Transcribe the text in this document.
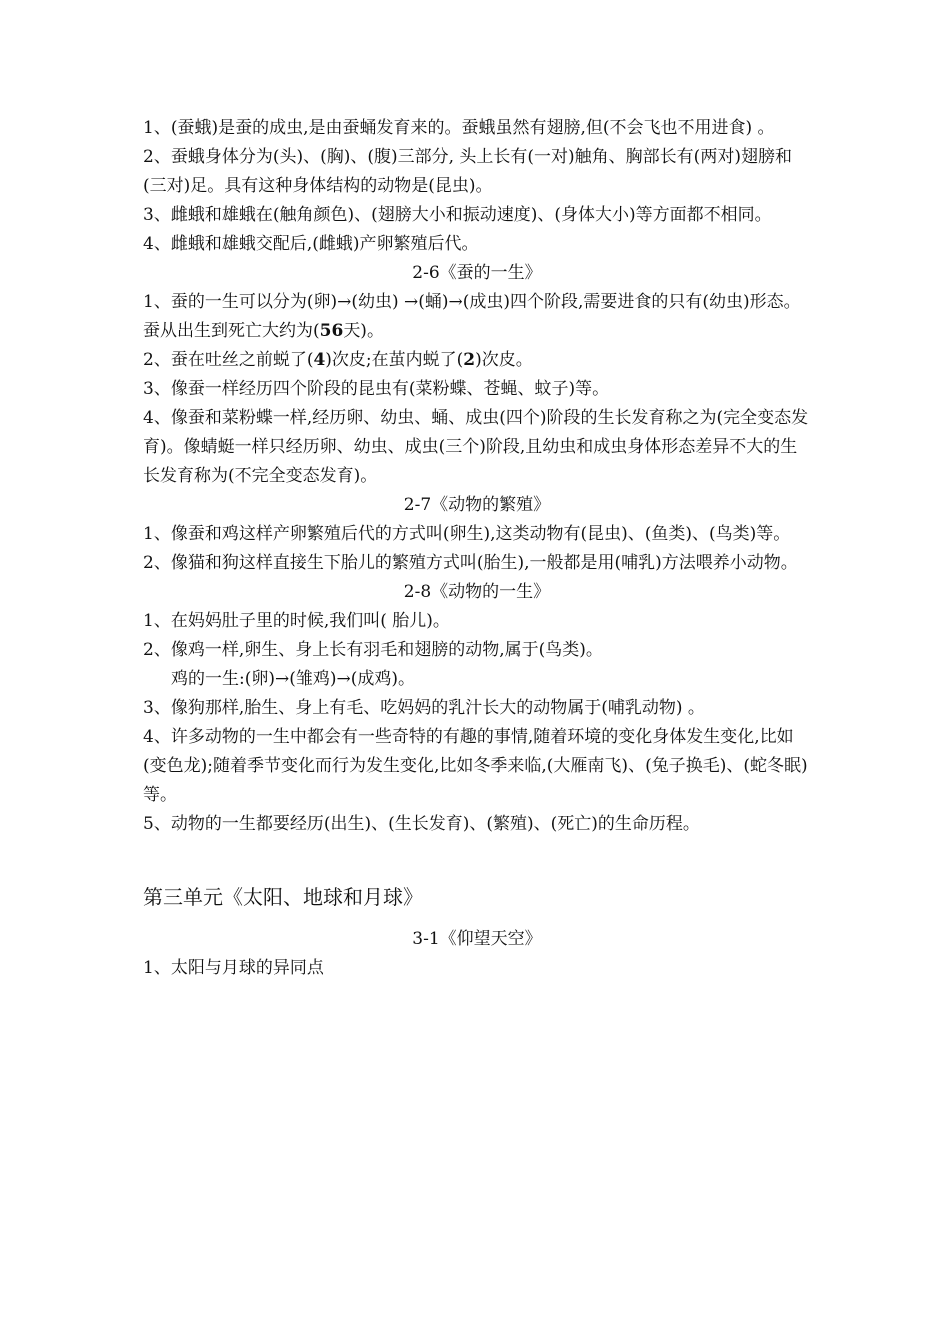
1、(蚕蛾)是蚕的成虫,是由蚕蛹发育来的。蚕蛾虽然有翅膀,但(不会飞也不用进食) 。

2、蚕蛾身体分为(头)、(胸)、(腹)三部分, 头上长有(一对)触角、胸部长有(两对)翅膀和(三对)足。具有这种身体结构的动物是(昆虫)。

3、雌蛾和雄蛾在(触角颜色)、(翅膀大小和振动速度)、(身体大小)等方面都不相同。

4、雌蛾和雄蛾交配后,(雌蛾)产卵繁殖后代。

2-6《蚕的一生》

1、蚕的一生可以分为(卵)→(幼虫) →(蛹)→(成虫)四个阶段,需要进食的只有(幼虫)形态。蚕从出生到死亡大约为(56天)。

2、蚕在吐丝之前蜕了(4)次皮;在茧内蜕了(2)次皮。

3、像蚕一样经历四个阶段的昆虫有(菜粉蝶、苍蝇、蚊子)等。

4、像蚕和菜粉蝶一样,经历卵、幼虫、蛹、成虫(四个)阶段的生长发育称之为(完全变态发育)。像蜻蜓一样只经历卵、幼虫、成虫(三个)阶段,且幼虫和成虫身体形态差异不大的生长发育称为(不完全变态发育)。

2-7《动物的繁殖》

1、像蚕和鸡这样产卵繁殖后代的方式叫(卵生),这类动物有(昆虫)、(鱼类)、(鸟类)等。

2、像猫和狗这样直接生下胎儿的繁殖方式叫(胎生),一般都是用(哺乳)方法喂养小动物。

2-8《动物的一生》

1、在妈妈肚子里的时候,我们叫( 胎儿)。

2、像鸡一样,卵生、身上长有羽毛和翅膀的动物,属于(鸟类)。

鸡的一生:(卵)→(雏鸡)→(成鸡)。

3、像狗那样,胎生、身上有毛、吃妈妈的乳汁长大的动物属于(哺乳动物) 。

4、许多动物的一生中都会有一些奇特的有趣的事情,随着环境的变化身体发生变化,比如(变色龙);随着季节变化而行为发生变化,比如冬季来临,(大雁南飞)、(兔子换毛)、(蛇冬眠)等。

5、动物的一生都要经历(出生)、(生长发育)、(繁殖)、(死亡)的生命历程。

第三单元《太阳、地球和月球》

3-1《仰望天空》

1、太阳与月球的异同点
